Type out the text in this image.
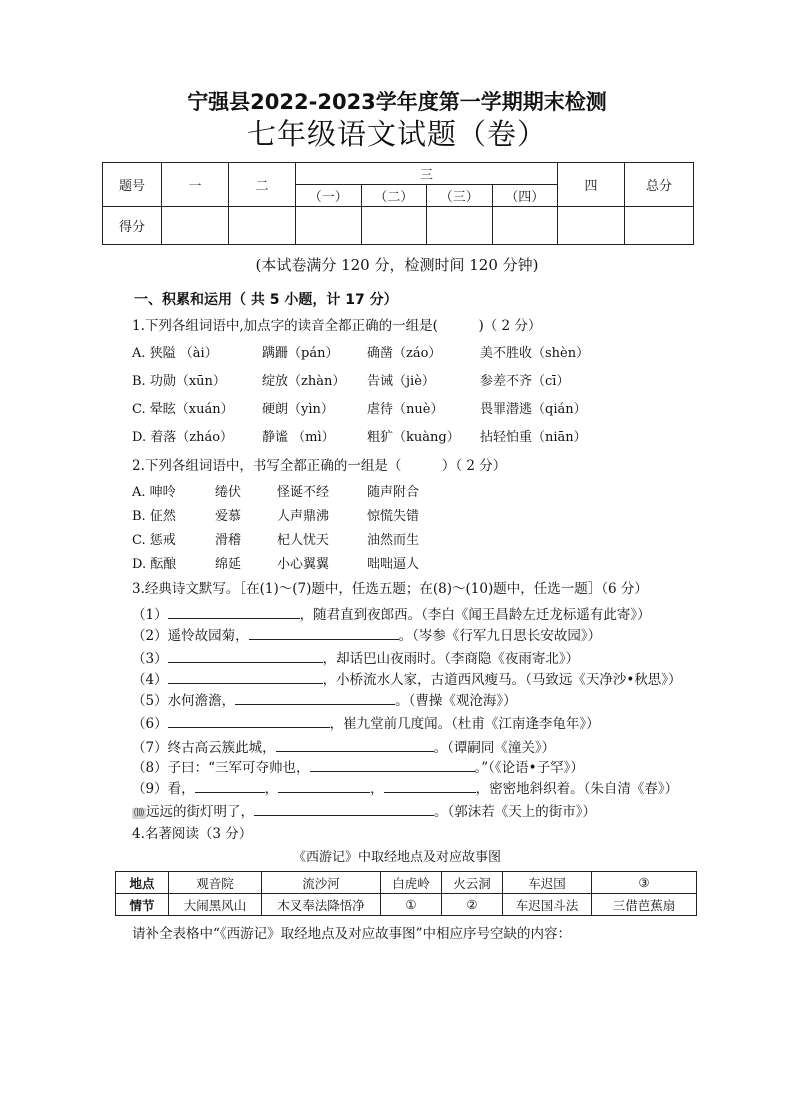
宁强县2022-2023学年度第一学期期末检测
七年级语文试题（卷）
题号	一	二	三				四	总分
			（一）	（二）	（三）	（四）		
得分								
(本试卷满分 120 分，检测时间 120 分钟)
一、积累和运用（ 共 5 小题，计 17 分）
1.下列各组词语中,加点字的读音全都正确的一组是(　　　)（ 2 分）
A. 狭隘 （ài）	蹒跚（pán） 确凿（záo）	美不胜收（shèn）
B. 功勋（xūn）	绽放（zhàn） 告诫（jiè）	参差不齐（cī）
C. 晕眩（xuán） 硬朗（yìn）	虐待（nuè）	畏罪潜逃（qián）
D. 着落（zháo） 静谧 （mì） 粗犷（kuàng） 拈轻怕重（niān）
2.下列各组词语中，书写全都正确的一组是（　　　）（ 2 分）
A. 呻呤	绻伏	怪诞不经	随声附合
B. 佂然	爱慕	人声鼎沸	惊慌失错
C. 惩戒	滑稽	杞人忧天	油然而生
D. 酝酿	绵延	小心翼翼	咄咄逼人
3.经典诗文默写。［在(1)～(7)题中，任选五题；在(8)～(10)题中，任选一题］（6 分）
（1）	，随君直到夜郎西。（李白《闻王昌龄左迁龙标遥有此寄》）
（2）遥怜故园菊，	。（岑参《行军九日思长安故园》）
（3）	，却话巴山夜雨时。（李商隐《夜雨寄北》）
（4）	，小桥流水人家，古道西风瘦马。（马致远《天净沙•秋思》）
（5）水何澹澹，	。（曹操《观沧海》）
（6）	，崔九堂前几度闻。（杜甫《江南逢李龟年》）
（7）终古高云簇此城，	。（谭嗣同《潼关》）
（8）子曰：“三军可夺帅也，	。”（《论语•子罕》）
（9）看，	，	，	，密密地斜织着。（朱自清《春》）
⑽ 远远的街灯明了，	。（郭沫若《天上的街市》）
4.名著阅读（3 分）
《西游记》中取经地点及对应故事图
地点	观音院	流沙河	白虎岭	火云洞	车迟国	③
情节	大闹黑风山	木叉奉法降悟净	①	②	车迟国斗法	三借芭蕉扇
请补全表格中“《西游记》取经地点及对应故事图”中相应序号空缺的内容：
